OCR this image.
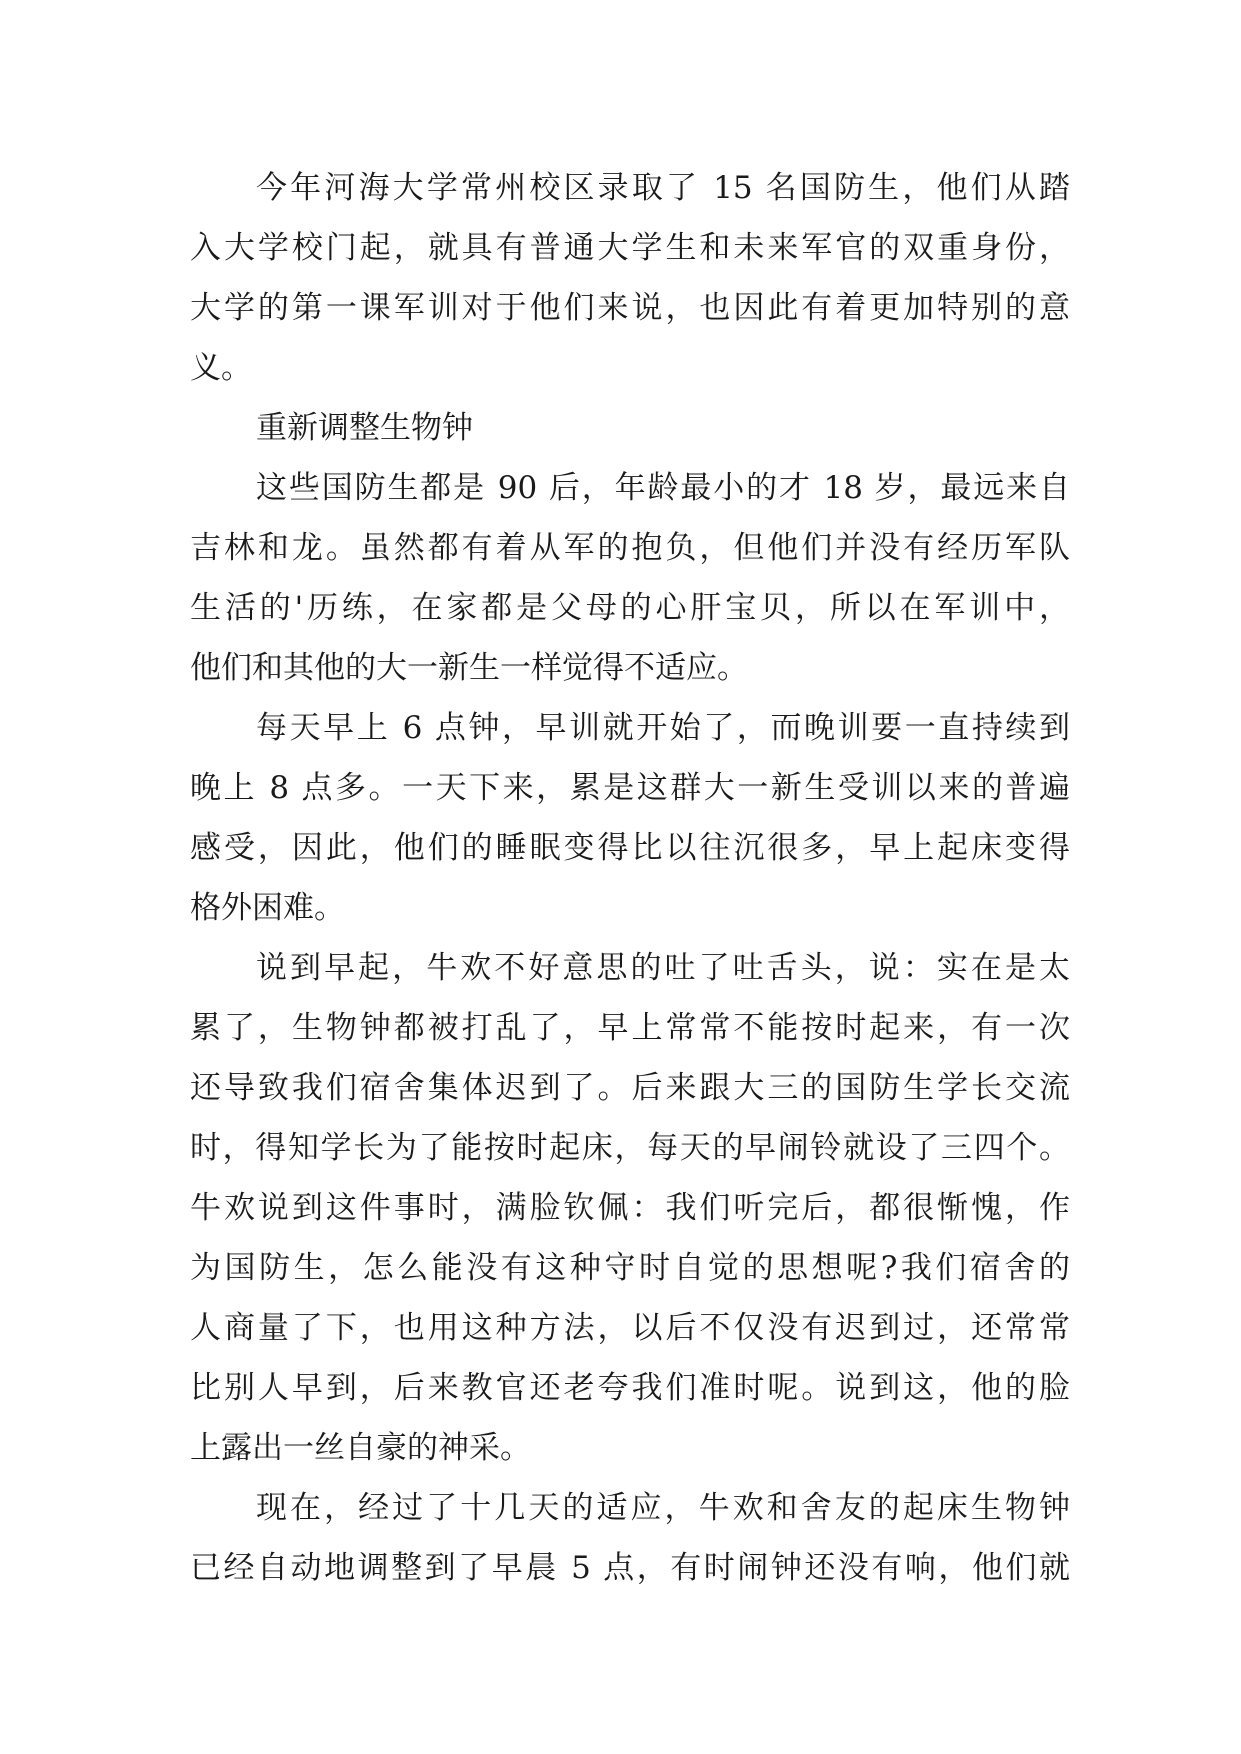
今年河海大学常州校区录取了 15 名国防生，他们从踏
入大学校门起，就具有普通大学生和未来军官的双重身份，
大学的第一课军训对于他们来说，也因此有着更加特别的意
义。
重新调整生物钟
这些国防生都是 90 后，年龄最小的才 18 岁，最远来自
吉林和龙。虽然都有着从军的抱负，但他们并没有经历军队
生活的'历练，在家都是父母的心肝宝贝，所以在军训中，
他们和其他的大一新生一样觉得不适应。
每天早上 6 点钟，早训就开始了，而晚训要一直持续到
晚上 8 点多。一天下来，累是这群大一新生受训以来的普遍
感受，因此，他们的睡眠变得比以往沉很多，早上起床变得
格外困难。
说到早起，牛欢不好意思的吐了吐舌头，说：实在是太
累了，生物钟都被打乱了，早上常常不能按时起来，有一次
还导致我们宿舍集体迟到了。后来跟大三的国防生学长交流
时，得知学长为了能按时起床，每天的早闹铃就设了三四个。
牛欢说到这件事时，满脸钦佩：我们听完后，都很惭愧，作
为国防生，怎么能没有这种守时自觉的思想呢?我们宿舍的
人商量了下，也用这种方法，以后不仅没有迟到过，还常常
比别人早到，后来教官还老夸我们准时呢。说到这，他的脸
上露出一丝自豪的神采。
现在，经过了十几天的适应，牛欢和舍友的起床生物钟
已经自动地调整到了早晨 5 点，有时闹钟还没有响，他们就
